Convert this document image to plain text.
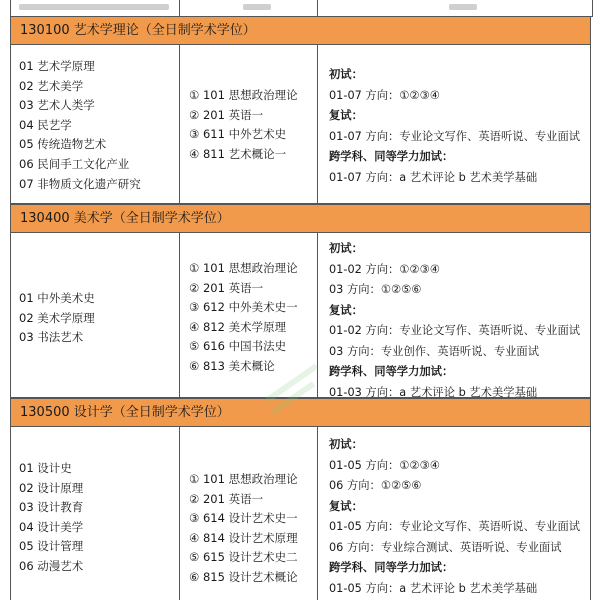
130100 艺术学理论（全日制学术学位）
01 艺术学原理
02 艺术美学
03 艺术人类学
04 民艺学
05 传统造物艺术
06 民间手工文化产业
07 非物质文化遗产研究
① 101 思想政治理论
② 201 英语一
③ 611 中外艺术史
④ 811 艺术概论一
初试：
01-07 方向：①②③④
复试：
01-07 方向：专业论文写作、英语听说、专业面试
跨学科、同等学力加试：
01-07 方向：a 艺术评论 b 艺术美学基础
130400 美术学（全日制学术学位）
01 中外美术史
02 美术学原理
03 书法艺术
① 101 思想政治理论
② 201 英语一
③ 612 中外美术史一
④ 812 美术学原理
⑤ 616 中国书法史
⑥ 813 美术概论
初试：
01-02 方向：①②③④
03 方向：①②⑤⑥
复试：
01-02 方向：专业论文写作、英语听说、专业面试
03 方向：专业创作、英语听说、专业面试
跨学科、同等学力加试：
01-03 方向：a 艺术评论 b 艺术美学基础
130500 设计学（全日制学术学位）
01 设计史
02 设计原理
03 设计教育
04 设计美学
05 设计管理
06 动漫艺术
① 101 思想政治理论
② 201 英语一
③ 614 设计艺术史一
④ 814 设计艺术原理
⑤ 615 设计艺术史二
⑥ 815 设计艺术概论
初试：
01-05 方向：①②③④
06 方向：①②⑤⑥
复试：
01-05 方向：专业论文写作、英语听说、专业面试
06 方向：专业综合测试、英语听说、专业面试
跨学科、同等学力加试：
01-05 方向：a 艺术评论 b 艺术美学基础
